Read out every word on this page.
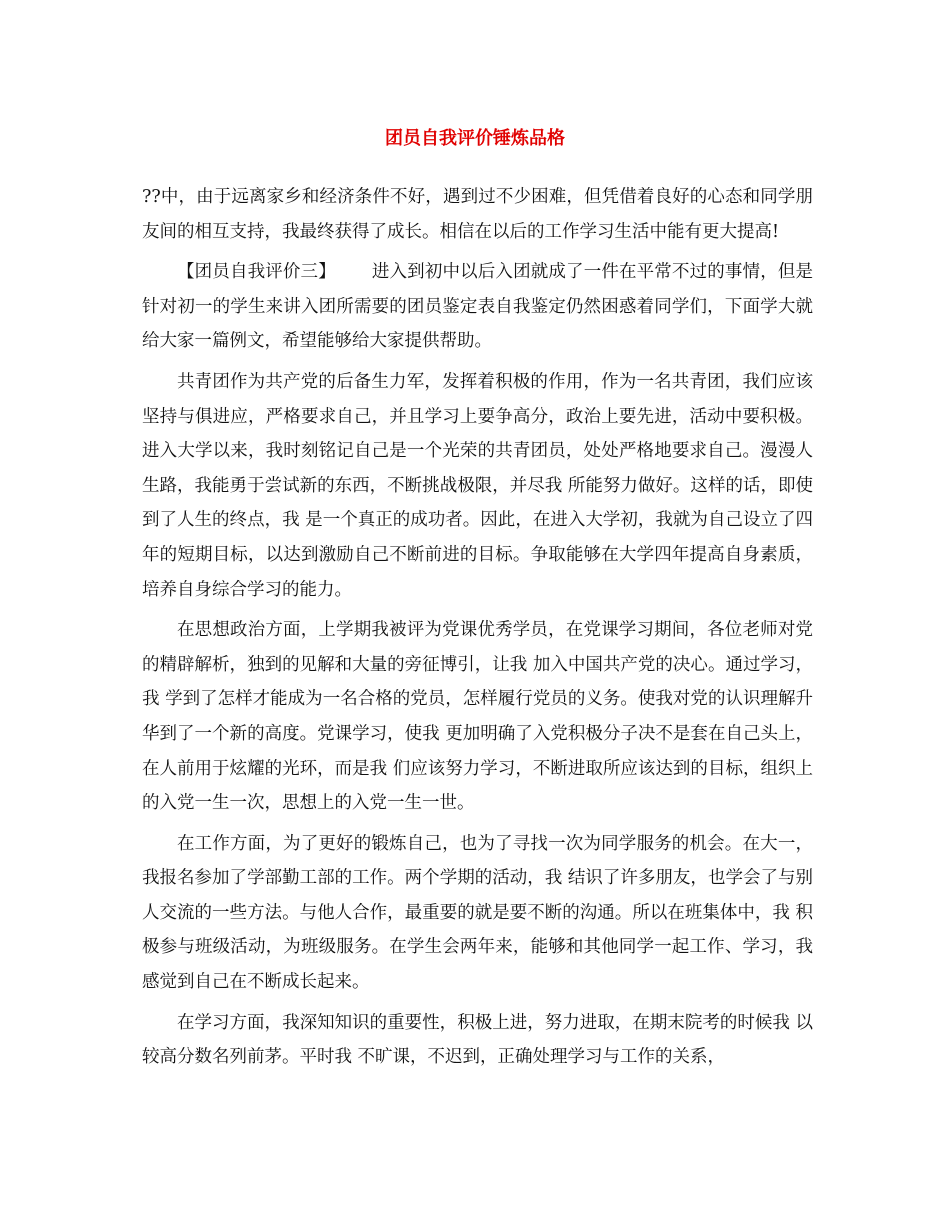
团员自我评价锤炼品格

??中，由于远离家乡和经济条件不好，遇到过不少困难，但凭借着良好的心态和同学朋友间的相互支持，我最终获得了成长。相信在以后的工作学习生活中能有更大提高!

【团员自我评价三】 进入到初中以后入团就成了一件在平常不过的事情，但是针对初一的学生来讲入团所需要的团员鉴定表自我鉴定仍然困惑着同学们，下面学大就给大家一篇例文，希望能够给大家提供帮助。

共青团作为共产党的后备生力军，发挥着积极的作用，作为一名共青团，我们应该坚持与俱进应，严格要求自己，并且学习上要争高分，政治上要先进，活动中要积极。进入大学以来，我时刻铭记自己是一个光荣的共青团员，处处严格地要求自己。漫漫人生路，我能勇于尝试新的东西，不断挑战极限，并尽我 所能努力做好。这样的话，即使到了人生的终点，我 是一个真正的成功者。因此，在进入大学初，我就为自己设立了四年的短期目标，以达到激励自己不断前进的目标。争取能够在大学四年提高自身素质，培养自身综合学习的能力。

在思想政治方面，上学期我被评为党课优秀学员，在党课学习期间，各位老师对党的精辟解析，独到的见解和大量的旁征博引，让我 加入中国共产党的决心。通过学习，我 学到了怎样才能成为一名合格的党员，怎样履行党员的义务。使我对党的认识理解升华到了一个新的高度。党课学习，使我 更加明确了入党积极分子决不是套在自己头上，在人前用于炫耀的光环，而是我 们应该努力学习，不断进取所应该达到的目标，组织上的入党一生一次，思想上的入党一生一世。

在工作方面，为了更好的锻炼自己，也为了寻找一次为同学服务的机会。在大一，我报名参加了学部勤工部的工作。两个学期的活动，我 结识了许多朋友，也学会了与别人交流的一些方法。与他人合作，最重要的就是要不断的沟通。所以在班集体中，我 积极参与班级活动，为班级服务。在学生会两年来，能够和其他同学一起工作、学习，我 感觉到自己在不断成长起来。

在学习方面，我深知知识的重要性，积极上进，努力进取，在期末院考的时候我 以较高分数名列前茅。平时我 不旷课，不迟到，正确处理学习与工作的关系，
